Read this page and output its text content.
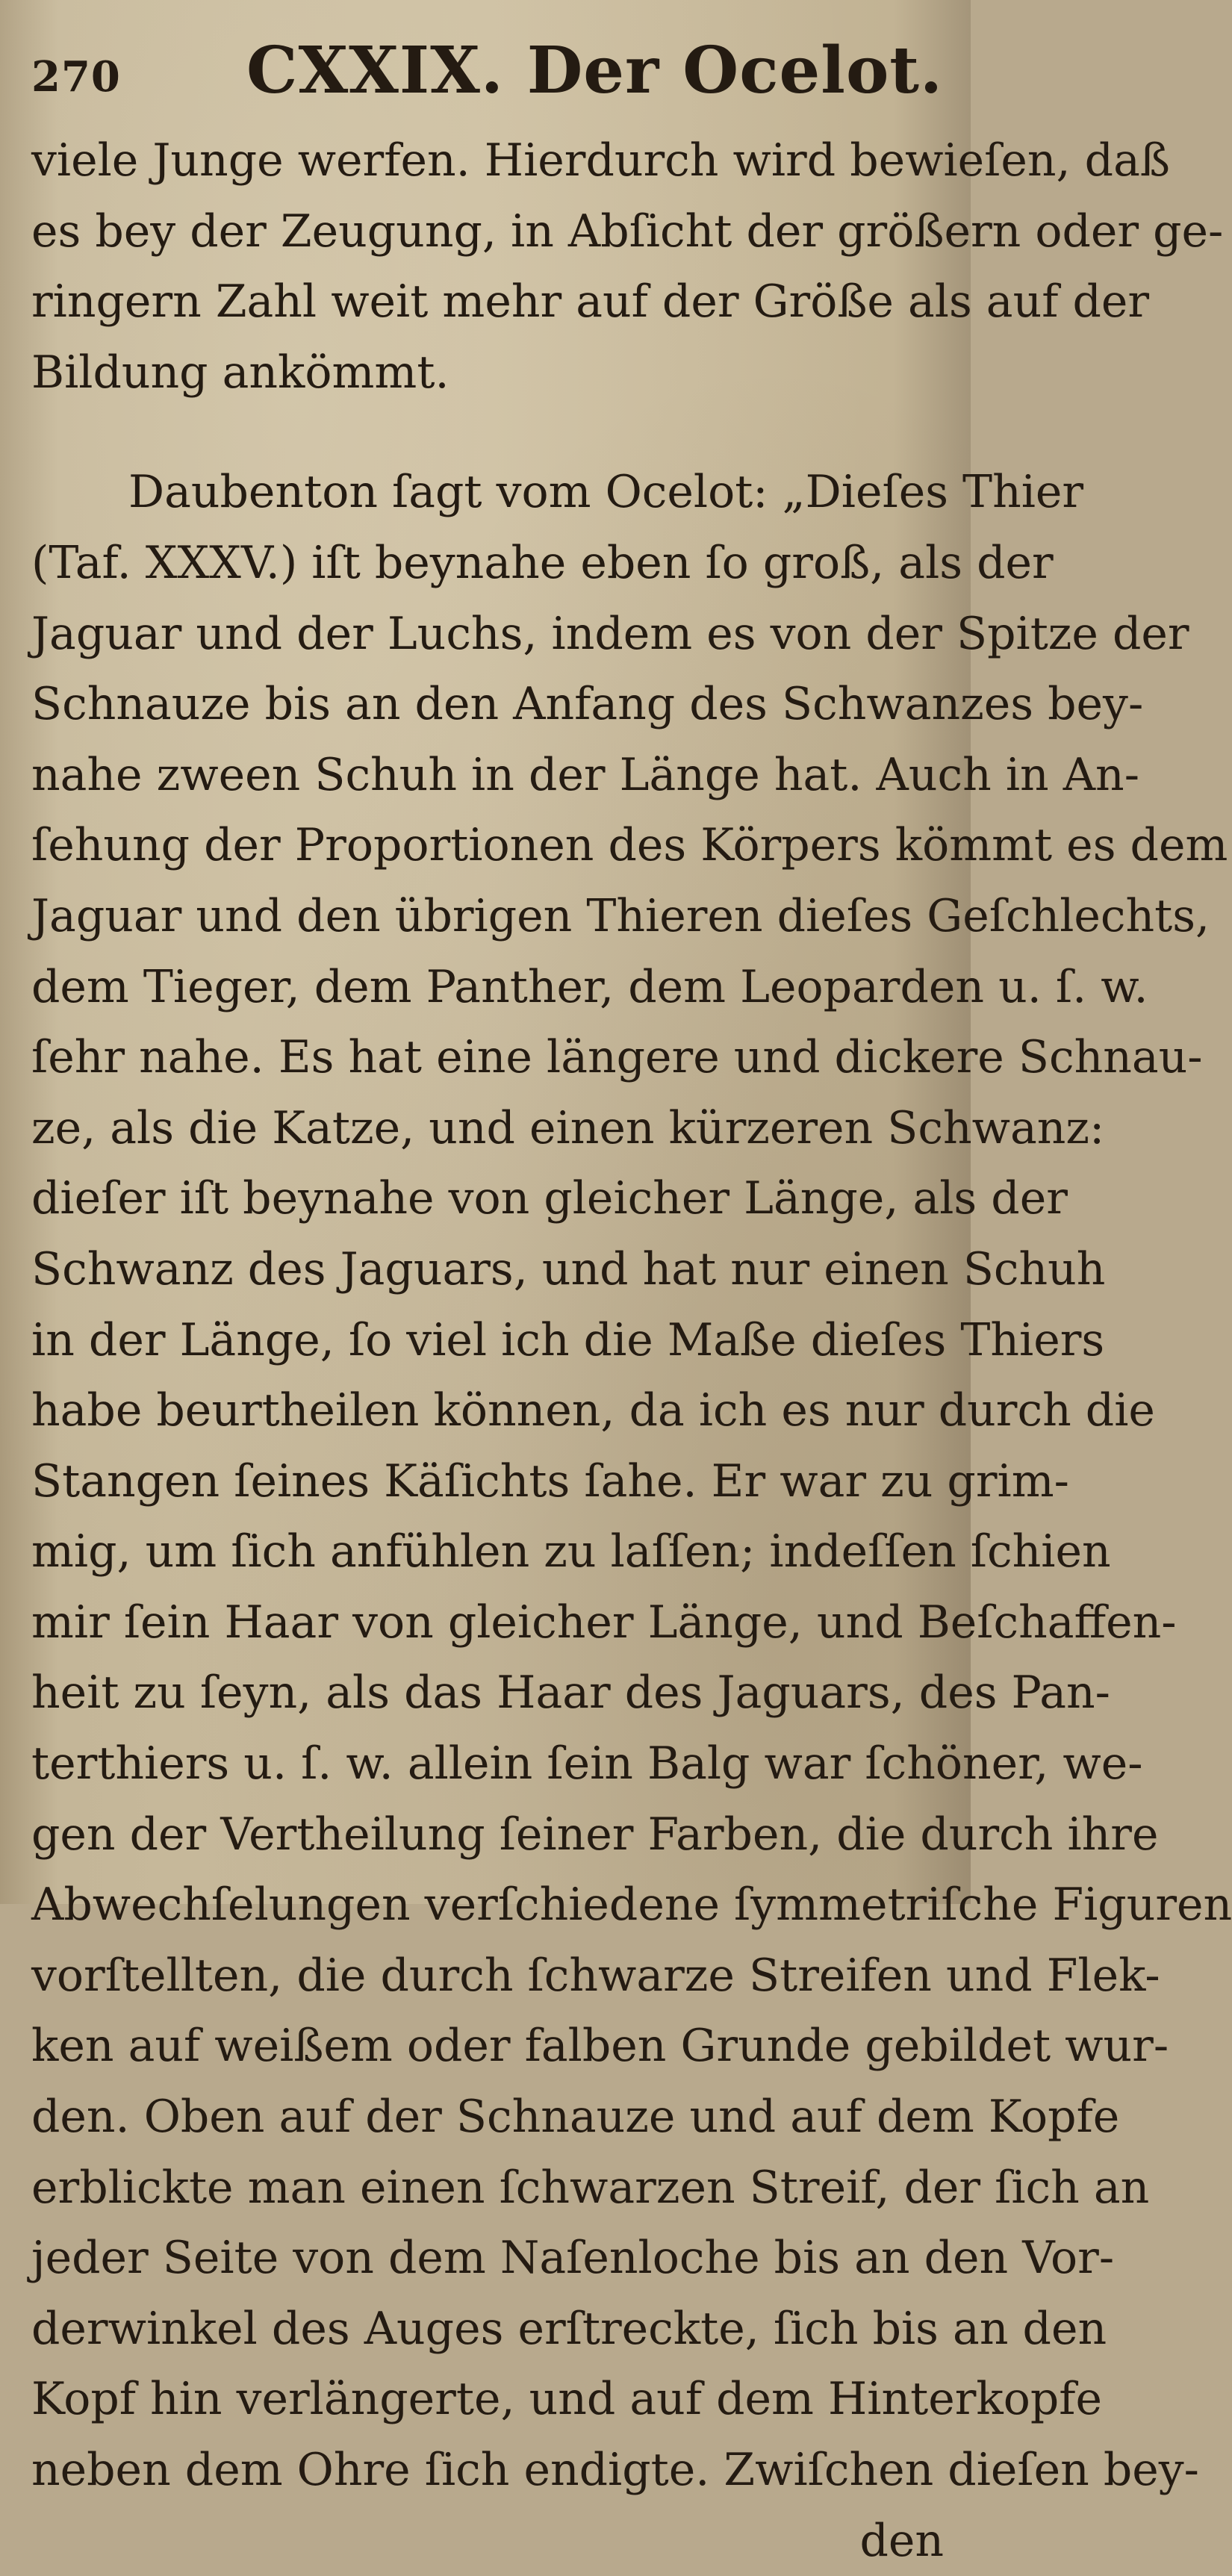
270 CXXIX. Der Ocelot.
viele Junge werfen. Hierdurch wird bewieſen, daß
es bey der Zeugung, in Abſicht der größern oder ge-
ringern Zahl weit mehr auf der Größe als auf der
Bildung ankömmt.
Daubenton ſagt vom Ocelot: „Dieſes Thier
(Taf. XXXV.) iſt beynahe eben ſo groß, als der
Jaguar und der Luchs, indem es von der Spitze der
Schnauze bis an den Anfang des Schwanzes bey-
nahe zween Schuh in der Länge hat. Auch in An-
ſehung der Proportionen des Körpers kömmt es dem
Jaguar und den übrigen Thieren dieſes Geſchlechts,
dem Tieger, dem Panther, dem Leoparden u. ſ. w.
ſehr nahe. Es hat eine längere und dickere Schnau-
ze, als die Katze, und einen kürzeren Schwanz:
dieſer iſt beynahe von gleicher Länge, als der
Schwanz des Jaguars, und hat nur einen Schuh
in der Länge, ſo viel ich die Maße dieſes Thiers
habe beurtheilen können, da ich es nur durch die
Stangen ſeines Käſichts ſahe. Er war zu grim-
mig, um ſich anfühlen zu laſſen; indeſſen ſchien
mir ſein Haar von gleicher Länge, und Beſchaffen-
heit zu ſeyn, als das Haar des Jaguars, des Pan-
terthiers u. ſ. w. allein ſein Balg war ſchöner, we-
gen der Vertheilung ſeiner Farben, die durch ihre
Abwechſelungen verſchiedene ſymmetriſche Figuren
vorſtellten, die durch ſchwarze Streifen und Flek-
ken auf weißem oder falben Grunde gebildet wur-
den. Oben auf der Schnauze und auf dem Kopfe
erblickte man einen ſchwarzen Streif, der ſich an
jeder Seite von dem Naſenloche bis an den Vor-
derwinkel des Auges erſtreckte, ſich bis an den
Kopf hin verlängerte, und auf dem Hinterkopfe
neben dem Ohre ſich endigte. Zwiſchen dieſen bey-
den
